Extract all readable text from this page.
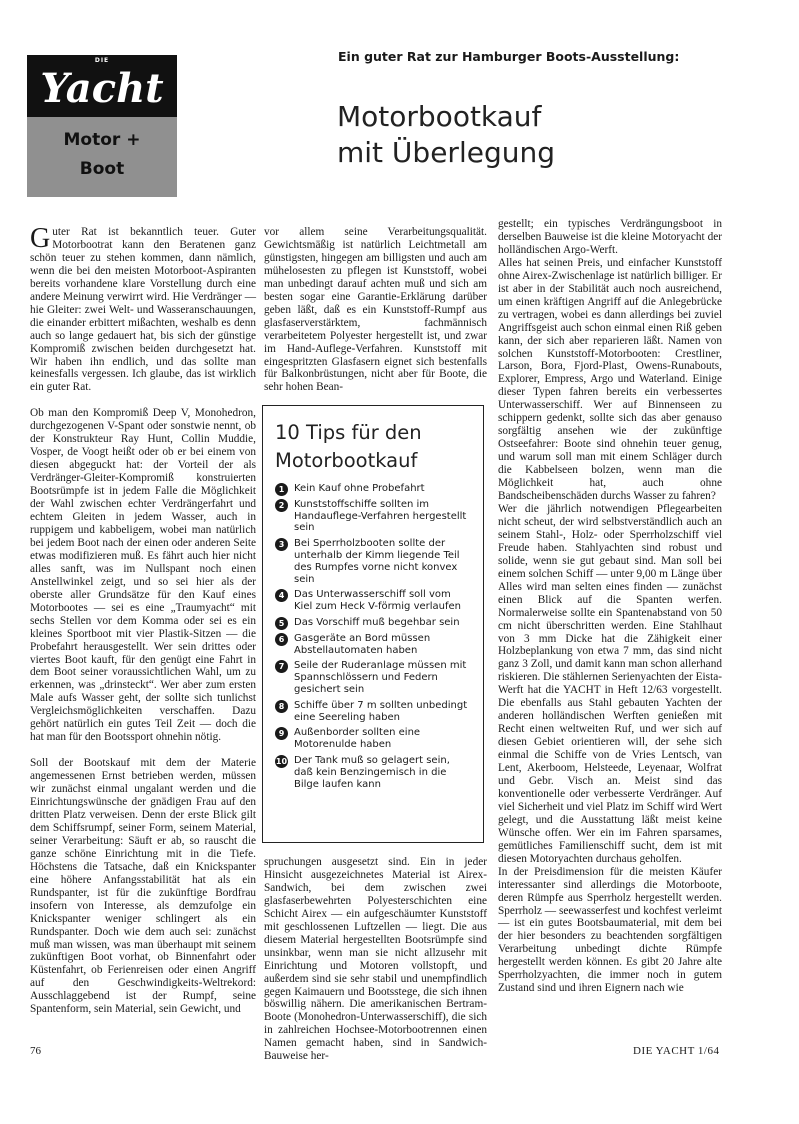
DIE
Yacht
Motor +
Boot
Ein guter Rat zur Hamburger Boots-Ausstellung:
Motorbootkauf
mit Überlegung

Guter Rat ist bekanntlich teuer. Guter Motorbootrat kann den Beratenen ganz schön teuer zu stehen kommen, dann nämlich, wenn die bei den meisten Motorboot-Aspiranten bereits vorhandene klare Vorstellung durch eine andere Meinung verwirrt wird. Hie Verdränger — hie Gleiter: zwei Welt- und Wasseranschauungen, die einander erbittert mißachten, weshalb es denn auch so lange gedauert hat, bis sich der günstige Kompromiß zwischen beiden durchgesetzt hat. Wir haben ihn endlich, und das sollte man keinesfalls vergessen. Ich glaube, das ist wirklich ein guter Rat.

Ob man den Kompromiß Deep V, Monohedron, durchgezogenen V-Spant oder sonstwie nennt, ob der Konstrukteur Ray Hunt, Collin Muddie, Vosper, de Voogt heißt oder ob er bei einem von diesen abgeguckt hat: der Vorteil der als Verdränger-Gleiter-Kompromiß konstruierten Bootsrümpfe ist in jedem Falle die Möglichkeit der Wahl zwischen echter Verdrängerfahrt und echtem Gleiten in jedem Wasser, auch in ruppigem und kabbeligem, wobei man natürlich bei jedem Boot nach der einen oder anderen Seite etwas modifizieren muß. Es fährt auch hier nicht alles sanft, was im Nullspant noch einen Anstellwinkel zeigt, und so sei hier als der oberste aller Grundsätze für den Kauf eines Motorbootes — sei es eine „Traumyacht“ mit sechs Stellen vor dem Komma oder sei es ein kleines Sportboot mit vier Plastik-Sitzen — die Probefahrt herausgestellt. Wer sein drittes oder viertes Boot kauft, für den genügt eine Fahrt in dem Boot seiner voraussichtlichen Wahl, um zu erkennen, was „drinsteckt“. Wer aber zum ersten Male aufs Wasser geht, der sollte sich tunlichst Vergleichsmöglichkeiten verschaffen. Dazu gehört natürlich ein gutes Teil Zeit — doch die hat man für den Bootssport ohnehin nötig.

Soll der Bootskauf mit dem der Materie angemessenen Ernst betrieben werden, müssen wir zunächst einmal ungalant werden und die Einrichtungswünsche der gnädigen Frau auf den dritten Platz verweisen. Denn der erste Blick gilt dem Schiffsrumpf, seiner Form, seinem Material, seiner Verarbeitung: Säuft er ab, so rauscht die ganze schöne Einrichtung mit in die Tiefe. Höchstens die Tatsache, daß ein Knickspanter eine höhere Anfangsstabilität hat als ein Rundspanter, ist für die zukünftige Bordfrau insofern von Interesse, als demzufolge ein Knickspanter weniger schlingert als ein Rundspanter. Doch wie dem auch sei: zunächst muß man wissen, was man überhaupt mit seinem zukünftigen Boot vorhat, ob Binnenfahrt oder Küstenfahrt, ob Ferienreisen oder einen Angriff auf den Geschwindigkeits-Weltrekord: Ausschlaggebend ist der Rumpf, seine Spantenform, sein Material, sein Gewicht, und

vor allem seine Verarbeitungsqualität. Gewichtsmäßig ist natürlich Leichtmetall am günstigsten, hingegen am billigsten und auch am mühelosesten zu pflegen ist Kunststoff, wobei man unbedingt darauf achten muß und sich am besten sogar eine Garantie-Erklärung darüber geben läßt, daß es ein Kunststoff-Rumpf aus glasfaserverstärktem, fachmännisch verarbeitetem Polyester hergestellt ist, und zwar im Hand-Auflege-Verfahren. Kunststoff mit eingespritzten Glasfasern eignet sich bestenfalls für Balkonbrüstungen, nicht aber für Boote, die sehr hohen Bean-

10 Tips für den
Motorbootkauf
1 Kein Kauf ohne Probefahrt
2 Kunststoffschiffe sollten im Handauflege-Verfahren hergestellt sein
3 Bei Sperrholzbooten sollte der unterhalb der Kimm liegende Teil des Rumpfes vorne nicht konvex sein
4 Das Unterwasserschiff soll vom Kiel zum Heck V-förmig verlaufen
5 Das Vorschiff muß begehbar sein
6 Gasgeräte an Bord müssen Abstellautomaten haben
7 Seile der Ruderanlage müssen mit Spannschlössern und Federn gesichert sein
8 Schiffe über 7 m sollten unbedingt eine Seereling haben
9 Außenborder sollten eine Motorenulde haben
10 Der Tank muß so gelagert sein, daß kein Benzingemisch in die Bilge laufen kann

spruchungen ausgesetzt sind. Ein in jeder Hinsicht ausgezeichnetes Material ist Airex-Sandwich, bei dem zwischen zwei glasfaserbewehrten Polyesterschichten eine Schicht Airex — ein aufgeschäumter Kunststoff mit geschlossenen Luftzellen — liegt. Die aus diesem Material hergestellten Bootsrümpfe sind unsinkbar, wenn man sie nicht allzusehr mit Einrichtung und Motoren vollstopft, und außerdem sind sie sehr stabil und unempfindlich gegen Kaimauern und Bootsstege, die sich ihnen böswillig nähern. Die amerikanischen Bertram-Boote (Monohedron-Unterwasserschiff), die sich in zahlreichen Hochsee-Motorbootrennen einen Namen gemacht haben, sind in Sandwich-Bauweise her-

gestellt; ein typisches Verdrängungsboot in derselben Bauweise ist die kleine Motoryacht der holländischen Argo-Werft.

Alles hat seinen Preis, und einfacher Kunststoff ohne Airex-Zwischenlage ist natürlich billiger. Er ist aber in der Stabilität auch noch ausreichend, um einen kräftigen Angriff auf die Anlegebrücke zu vertragen, wobei es dann allerdings bei zuviel Angriffsgeist auch schon einmal einen Riß geben kann, der sich aber reparieren läßt. Namen von solchen Kunststoff-Motorbooten: Crestliner, Larson, Bora, Fjord-Plast, Owens-Runabouts, Explorer, Empress, Argo und Waterland. Einige dieser Typen fahren bereits ein verbessertes Unterwasserschiff. Wer auf Binnenseen zu schippern gedenkt, sollte sich das aber genauso sorgfältig ansehen wie der zukünftige Ostseefahrer: Boote sind ohnehin teuer genug, und warum soll man mit einem Schläger durch die Kabbelseen bolzen, wenn man die Möglichkeit hat, auch ohne Bandscheibenschäden durchs Wasser zu fahren?

Wer die jährlich notwendigen Pflegearbeiten nicht scheut, der wird selbstverständlich auch an seinem Stahl-, Holz- oder Sperrholzschiff viel Freude haben. Stahlyachten sind robust und solide, wenn sie gut gebaut sind. Man soll bei einem solchen Schiff — unter 9,00 m Länge über Alles wird man selten eines finden — zunächst einen Blick auf die Spanten werfen. Normalerweise sollte ein Spantenabstand von 50 cm nicht überschritten werden. Eine Stahlhaut von 3 mm Dicke hat die Zähigkeit einer Holzbeplankung von etwa 7 mm, das sind nicht ganz 3 Zoll, und damit kann man schon allerhand riskieren. Die stählernen Serienyachten der Eista-Werft hat die YACHT in Heft 12/63 vorgestellt. Die ebenfalls aus Stahl gebauten Yachten der anderen holländischen Werften genießen mit Recht einen weltweiten Ruf, und wer sich auf diesen Gebiet orientieren will, der sehe sich einmal die Schiffe von de Vries Lentsch, van Lent, Akerboom, Helsteede, Leyenaar, Wolfrat und Gebr. Visch an. Meist sind das konventionelle oder verbesserte Verdränger. Auf viel Sicherheit und viel Platz im Schiff wird Wert gelegt, und die Ausstattung läßt meist keine Wünsche offen. Wer ein im Fahren sparsames, gemütliches Familienschiff sucht, dem ist mit diesen Motoryachten durchaus geholfen.

In der Preisdimension für die meisten Käufer interessanter sind allerdings die Motorboote, deren Rümpfe aus Sperrholz hergestellt werden. Sperrholz — seewasserfest und kochfest verleimt — ist ein gutes Bootsbaumaterial, mit dem bei der hier besonders zu beachtenden sorgfältigen Verarbeitung unbedingt dichte Rümpfe hergestellt werden können. Es gibt 20 Jahre alte Sperrholzyachten, die immer noch in gutem Zustand sind und ihren Eignern nach wie

76	DIE YACHT 1/64
